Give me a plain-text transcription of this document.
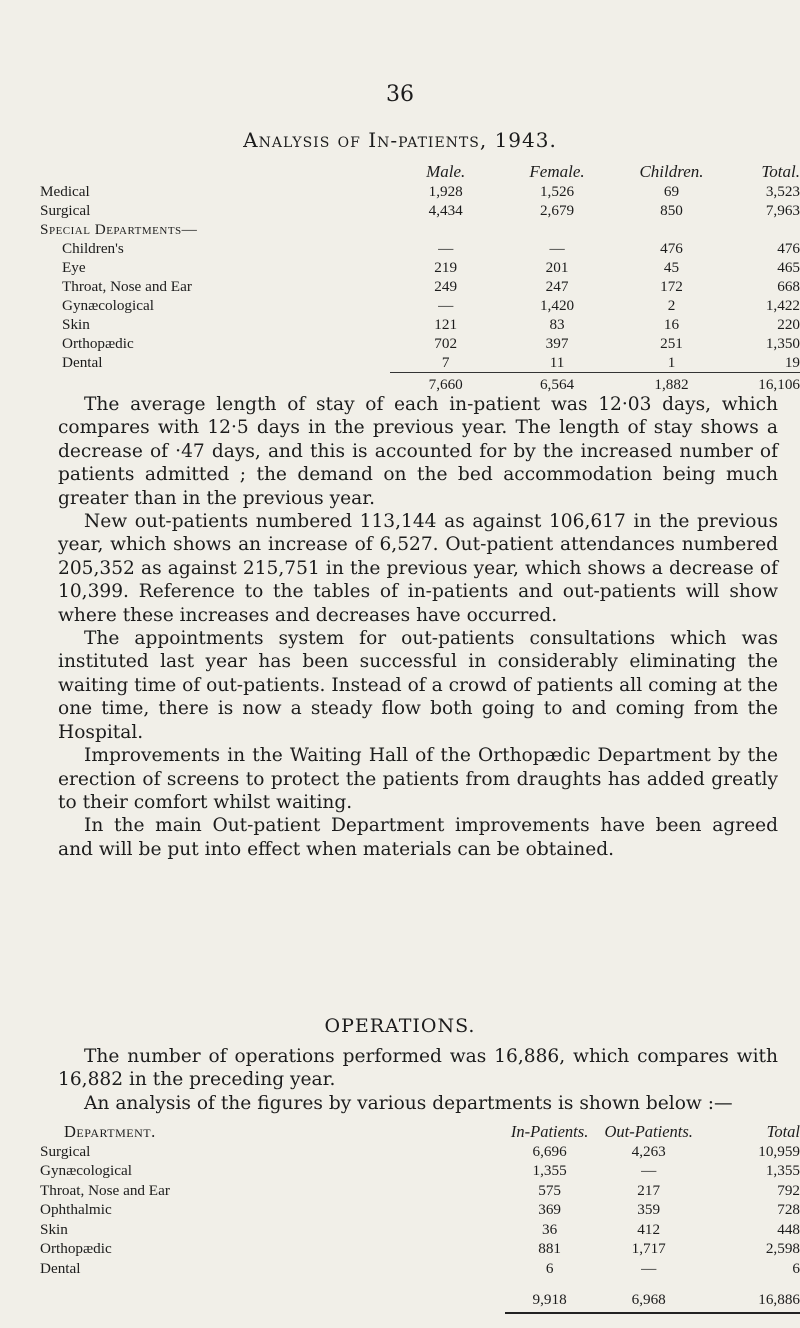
36
Analysis of In-patients, 1943.
	Male.	Female.	Children.	Total.
Medical	1,928	1,526	69	3,523
Surgical	4,434	2,679	850	7,963
Special Departments—				
Children's	—	—	476	476
Eye	219	201	45	465
Throat, Nose and Ear	249	247	172	668
Gynæcological	—	1,420	2	1,422
Skin	121	83	16	220
Orthopædic	702	397	251	1,350
Dental	7	11	1	19
	7,660	6,564	1,882	16,106

The average length of stay of each in-patient was 12·03 days, which compares with 12·5 days in the previous year. The length of stay shows a decrease of ·47 days, and this is accounted for by the increased number of patients admitted ; the demand on the bed accommodation being much greater than in the previous year.

New out-patients numbered 113,144 as against 106,617 in the previous year, which shows an increase of 6,527. Out-patient attendances numbered 205,352 as against 215,751 in the previous year, which shows a decrease of 10,399. Reference to the tables of in-patients and out-patients will show where these increases and decreases have occurred.

The appointments system for out-patients consultations which was instituted last year has been successful in considerably eliminating the waiting time of out-patients. Instead of a crowd of patients all coming at the one time, there is now a steady flow both going to and coming from the Hospital.

Improvements in the Waiting Hall of the Orthopædic Department by the erection of screens to protect the patients from draughts has added greatly to their comfort whilst waiting.

In the main Out-patient Department improvements have been agreed and will be put into effect when materials can be obtained.

OPERATIONS.

The number of operations performed was 16,886, which compares with 16,882 in the preceding year.

An analysis of the figures by various departments is shown below :—

Department.	In-Patients.	Out-Patients.	Total
Surgical	6,696	4,263	10,959
Gynæcological	1,355	—	1,355
Throat, Nose and Ear	575	217	792
Ophthalmic	369	359	728
Skin	36	412	448
Orthopædic	881	1,717	2,598
Dental	6	—	6
	9,918	6,968	16,886
